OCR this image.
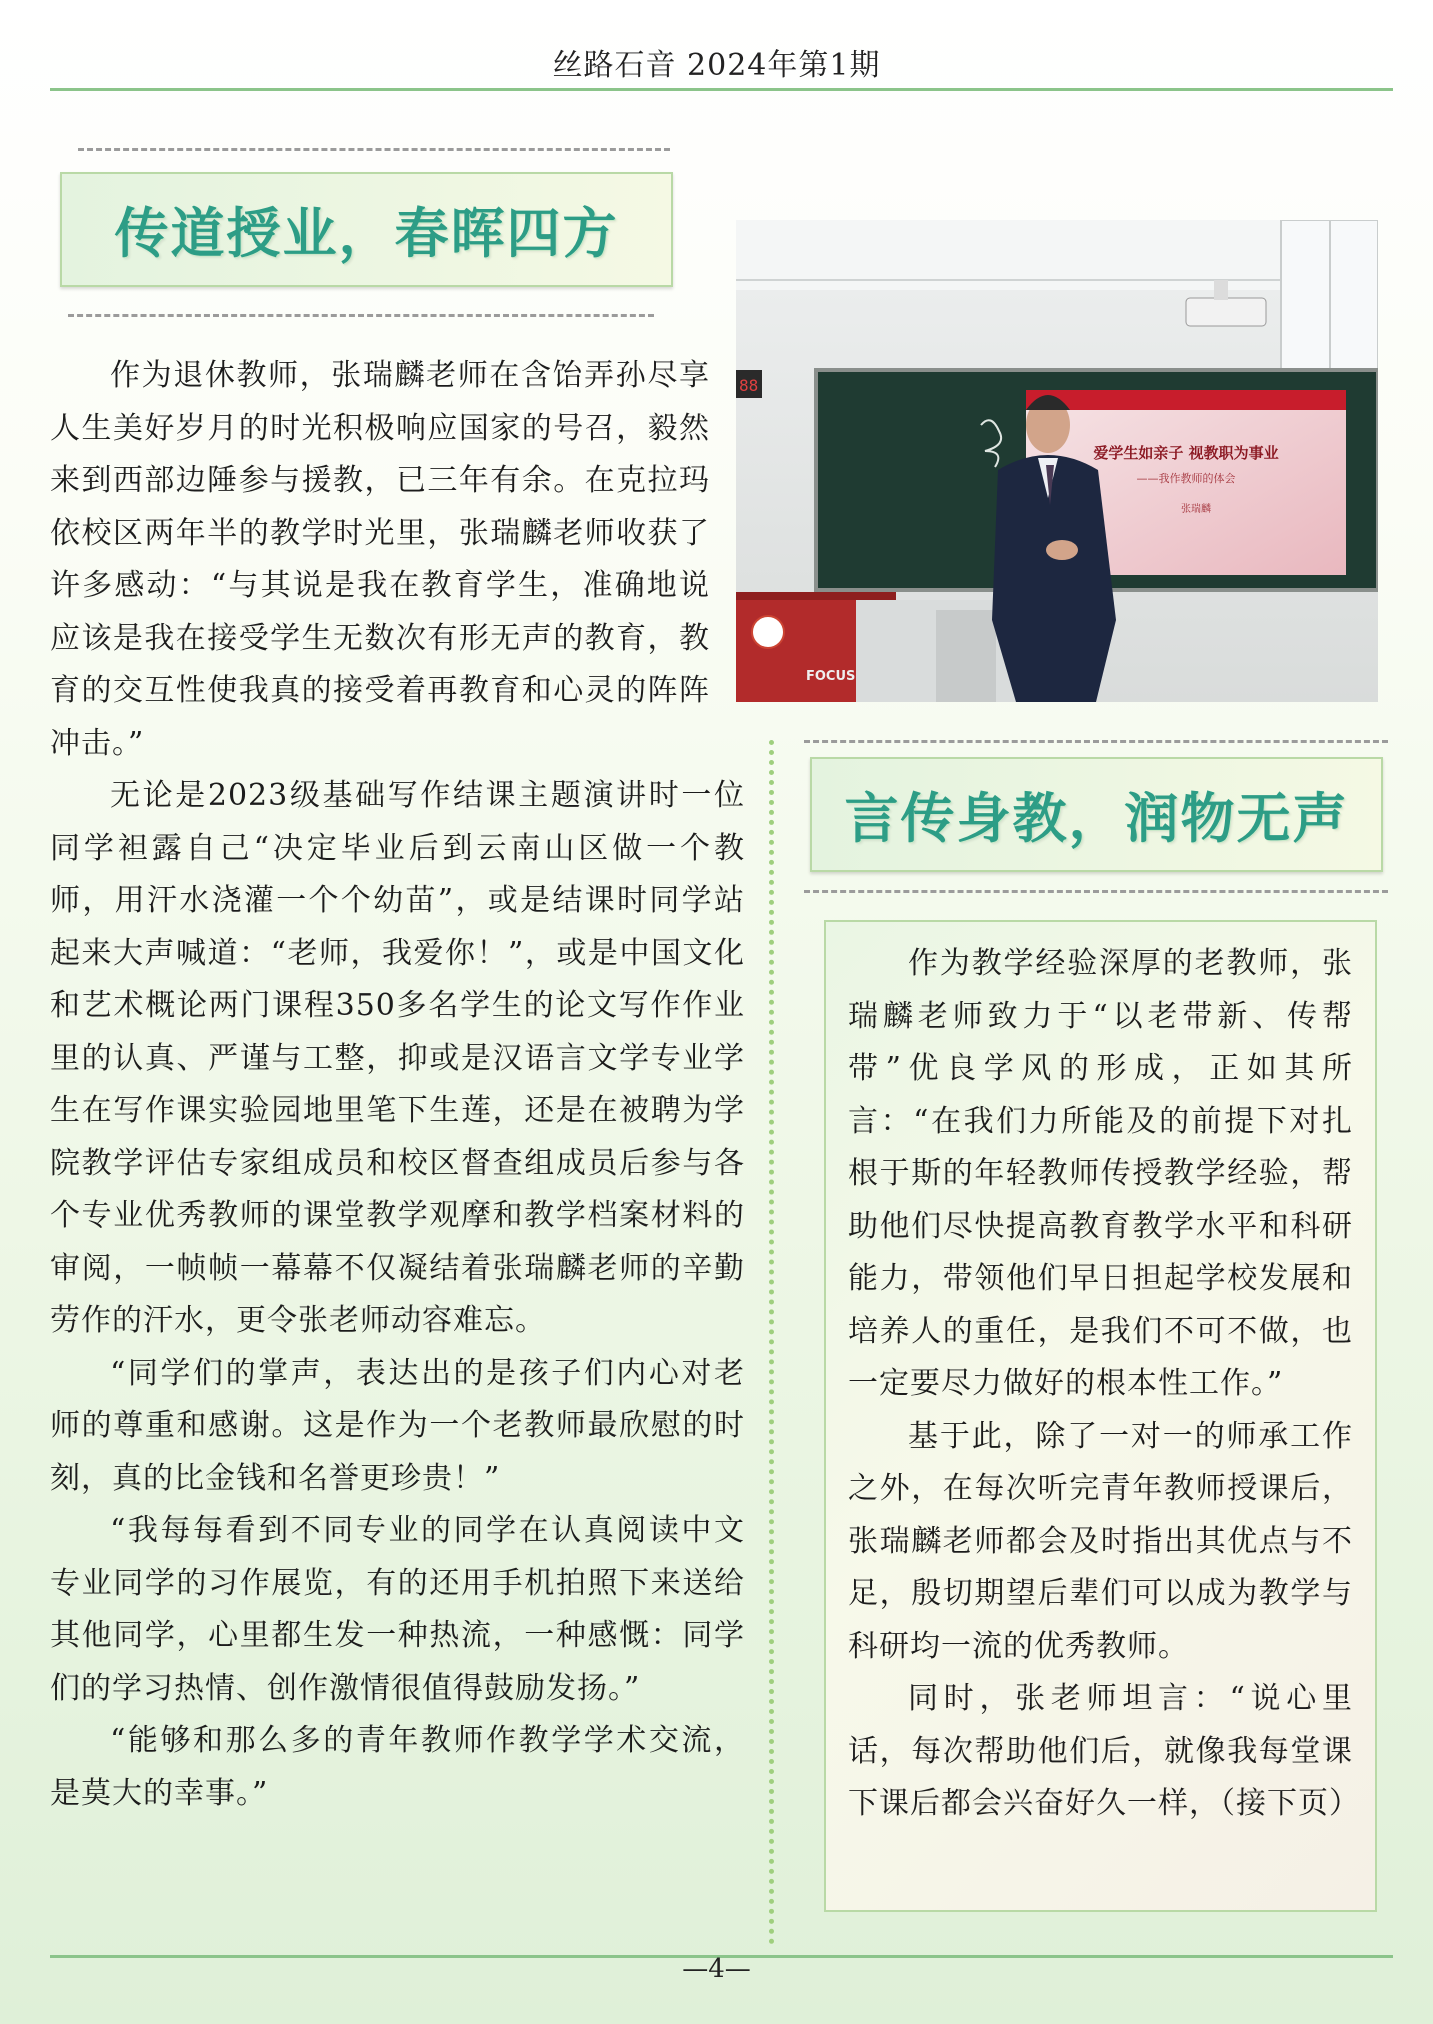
丝路石音 2024年第1期
传道授业，春晖四方
88
爱学生如亲子 视教职为事业
——我作教师的体会
张瑞麟
FOCUS

作为退休教师，张瑞麟老师在含饴弄孙尽享人生美好岁月的时光积极响应国家的号召，毅然来到西部边陲参与援教，已三年有余。在克拉玛依校区两年半的教学时光里，张瑞麟老师收获了许多感动：“与其说是我在教育学生，准确地说应该是我在接受学生无数次有形无声的教育，教育的交互性使我真的接受着再教育和心灵的阵阵冲击。”

无论是2023级基础写作结课主题演讲时一位同学袒露自己“决定毕业后到云南山区做一个教师，用汗水浇灌一个个幼苗”，或是结课时同学站起来大声喊道：“老师，我爱你！”，或是中国文化和艺术概论两门课程350多名学生的论文写作作业里的认真、严谨与工整，抑或是汉语言文学专业学生在写作课实验园地里笔下生莲，还是在被聘为学院教学评估专家组成员和校区督查组成员后参与各个专业优秀教师的课堂教学观摩和教学档案材料的审阅，一帧帧一幕幕不仅凝结着张瑞麟老师的辛勤劳作的汗水，更令张老师动容难忘。

“同学们的掌声，表达出的是孩子们内心对老师的尊重和感谢。这是作为一个老教师最欣慰的时刻，真的比金钱和名誉更珍贵！”

“我每每看到不同专业的同学在认真阅读中文专业同学的习作展览，有的还用手机拍照下来送给其他同学，心里都生发一种热流，一种感慨：同学们的学习热情、创作激情很值得鼓励发扬。”

“能够和那么多的青年教师作教学学术交流，是莫大的幸事。”

言传身教，润物无声

作为教学经验深厚的老教师，张瑞麟老师致力于“以老带新、传帮带”优良学风的形成，正如其所言：“在我们力所能及的前提下对扎根于斯的年轻教师传授教学经验，帮助他们尽快提高教育教学水平和科研能力，带领他们早日担起学校发展和培养人的重任，是我们不可不做，也一定要尽力做好的根本性工作。”

基于此，除了一对一的师承工作之外，在每次听完青年教师授课后，张瑞麟老师都会及时指出其优点与不足，殷切期望后辈们可以成为教学与科研均一流的优秀教师。

同时，张老师坦言：“说心里话，每次帮助他们后，就像我每堂课下课后都会兴奋好久一样，（接下页）

—4—
